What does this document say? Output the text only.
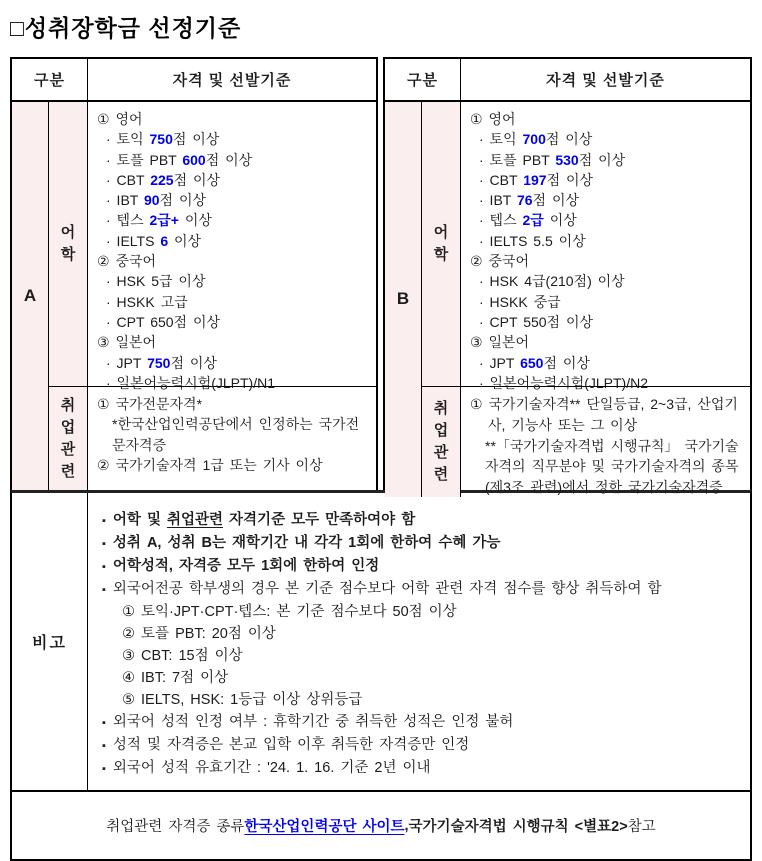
□성취장학금 선정기준
구분	자격 및 선발기준
A
어학
① 영어
· 토익 750점 이상
· 토플 PBT 600점 이상
· CBT 225점 이상
· IBT 90점 이상
· 텝스 2급+ 이상
· IELTS 6 이상
② 중국어
· HSK 5급 이상
· HSKK 고급
· CPT 650점 이상
③ 일본어
· JPT 750점 이상
· 일본어능력시험(JLPT)/N1
취업관련
① 국가전문자격*
*한국산업인력공단에서 인정하는 국가전문자격증
② 국가기술자격 1급 또는 기사 이상
구분	자격 및 선발기준
B
어학
① 영어
· 토익 700점 이상
· 토플 PBT 530점 이상
· CBT 197점 이상
· IBT 76점 이상
· 텝스 2급 이상
· IELTS 5.5 이상
② 중국어
· HSK 4급(210점) 이상
· HSKK 중급
· CPT 550점 이상
③ 일본어
· JPT 650점 이상
· 일본어능력시험(JLPT)/N2
취업관련
① 국가기술자격** 단일등급, 2~3급, 산업기사, 기능사 또는 그 이상
**「국가기술자격법 시행규칙」 국가기술자격의 직무분야 및 국가기술자격의 종목(제3조 관련)에서 정한 국가기술자격증
비고
▪ 어학 및 취업관련 자격기준 모두 만족하여야 함
▪ 성취 A, 성취 B는 재학기간 내 각각 1회에 한하여 수혜 가능
▪ 어학성적, 자격증 모두 1회에 한하여 인정
▪ 외국어전공 학부생의 경우 본 기준 점수보다 어학 관련 자격 점수를 향상 취득하여 함
① 토익·JPT·CPT·텝스: 본 기준 점수보다 50점 이상
② 토플 PBT: 20점 이상
③ CBT: 15점 이상
④ IBT: 7점 이상
⑤ IELTS, HSK: 1등급 이상 상위등급
▪ 외국어 성적 인정 여부 : 휴학기간 중 취득한 성적은 인정 불허
▪ 성적 및 자격증은 본교 입학 이후 취득한 자격증만 인정
▪ 외국어 성적 유효기간 : '24. 1. 16. 기준 2년 이내
취업관련 자격증 종류 한국산업인력공단 사이트 , 국가기술자격법 시행규칙 <별표2> 참고
